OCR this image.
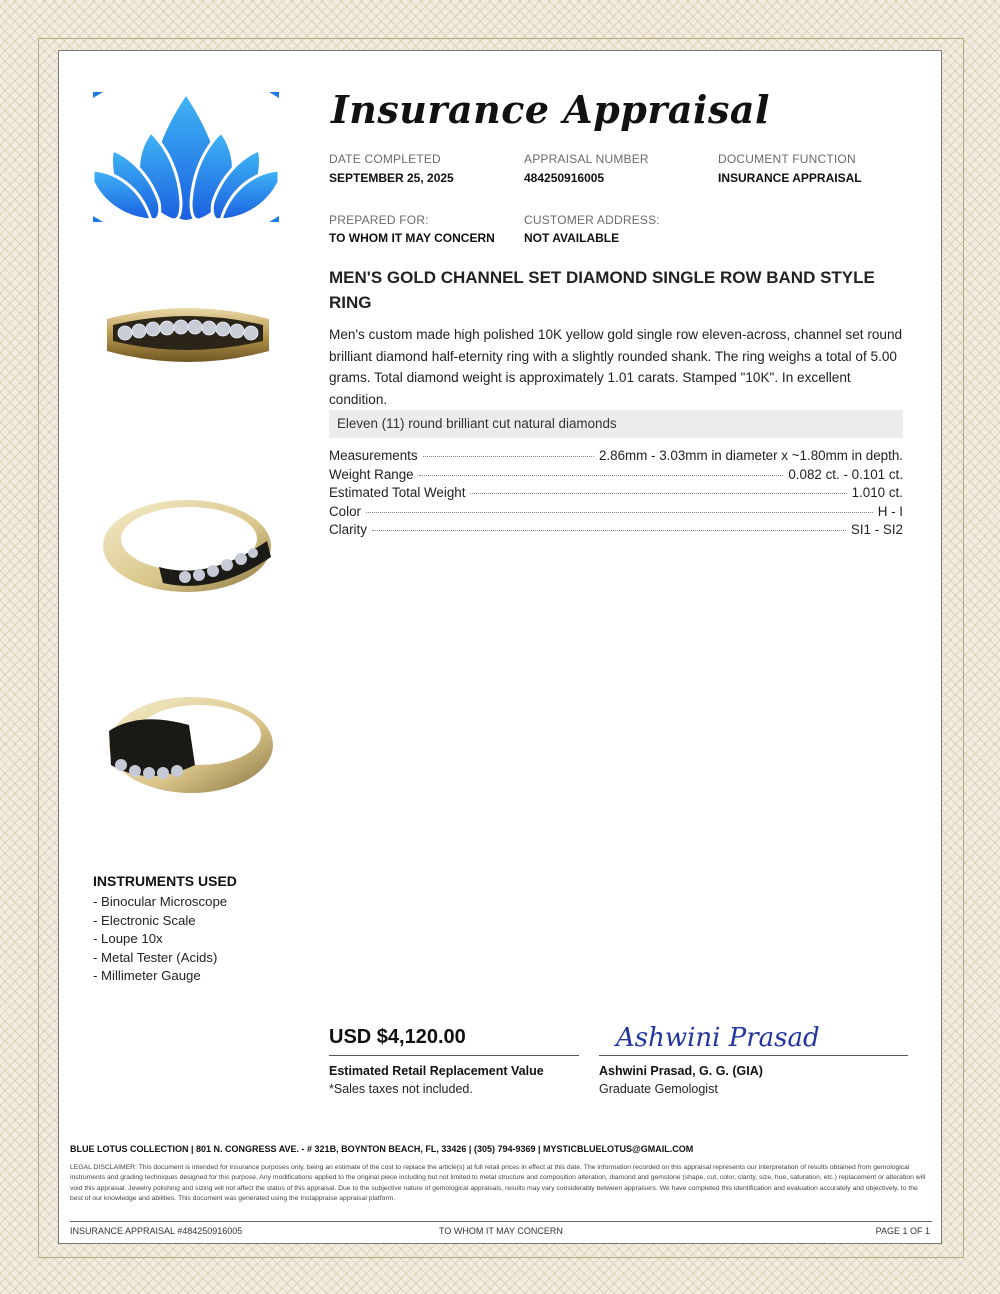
Insurance Appraisal
DATE COMPLETED
SEPTEMBER 25, 2025
APPRAISAL NUMBER
484250916005
DOCUMENT FUNCTION
INSURANCE APPRAISAL
PREPARED FOR:
TO WHOM IT MAY CONCERN
CUSTOMER ADDRESS:
NOT AVAILABLE
MEN'S GOLD CHANNEL SET DIAMOND SINGLE ROW BAND STYLE RING
Men's custom made high polished 10K yellow gold single row eleven-across, channel set round brilliant diamond half-eternity ring with a slightly rounded shank. The ring weighs a total of 5.00 grams. Total diamond weight is approximately 1.01 carats. Stamped "10K". In excellent condition.
Eleven (11) round brilliant cut natural diamonds
Measurements	2.86mm - 3.03mm in diameter x ~1.80mm in depth.
Weight Range	0.082 ct. - 0.101 ct.
Estimated Total Weight	1.010 ct.
Color	H - I
Clarity	SI1 - SI2
INSTRUMENTS USED
- Binocular Microscope
- Electronic Scale
- Loupe 10x
- Metal Tester (Acids)
- Millimeter Gauge
USD $4,120.00
Estimated Retail Replacement Value
*Sales taxes not included.
Ashwini Prasad
Ashwini Prasad, G. G. (GIA)
Graduate Gemologist
BLUE LOTUS COLLECTION | 801 N. CONGRESS AVE. - # 321B, BOYNTON BEACH, FL, 33426 | (305) 794-9369 | MYSTICBLUELOTUS@GMAIL.COM
LEGAL DISCLAIMER: This document is intended for insurance purposes only, being an estimate of the cost to replace the article(s) at full retail prices in effect at this date. The information recorded on this appraisal represents our interpretation of results obtained from gemological instruments and grading techniques designed for this purpose. Any modifications applied to the original piece including but not limited to metal structure and composition alteration, diamond and gemstone (shape, cut, color, clarity, size, hue, saturation, etc.) replacement or alteration will void this appraisal. Jewelry polishing and sizing will not affect the status of this appraisal. Due to the subjective nature of gemological appraisals, results may vary considerably between appraisers. We have completed this identification and evaluation accurately and objectively, to the best of our knowledge and abilities. This document was generated using the Instappraise appraisal platform.
INSURANCE APPRAISAL #484250916005	TO WHOM IT MAY CONCERN	PAGE 1 OF 1
